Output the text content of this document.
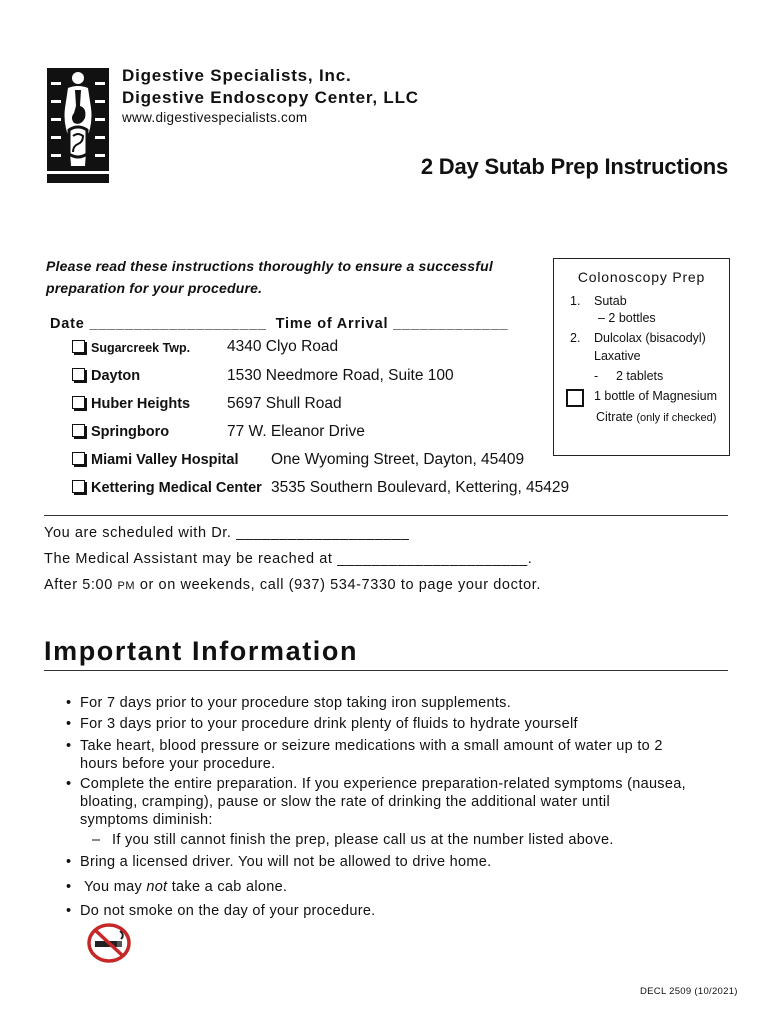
Digestive Specialists, Inc.
Digestive Endoscopy Center, LLC
www.digestivespecialists.com
2 Day Sutab Prep Instructions
Please read these instructions thoroughly to ensure a successful
preparation for your procedure.
Date ____________________ Time of Arrival _____________
Sugarcreek Twp. 4340 Clyo Road
Dayton	1530 Needmore Road, Suite 100
Huber Heights 5697 Shull Road
Springboro	77 W. Eleanor Drive
Miami Valley Hospital One Wyoming Street, Dayton, 45409
Kettering Medical Center 3535 Southern Boulevard, Kettering, 45429
Colonoscopy Prep
1. Sutab
– 2 bottles
2. Dulcolax (bisacodyl)
Laxative
- 2 tablets
1 bottle of Magnesium
Citrate (only if checked)
You are scheduled with Dr. ____________________
The Medical Assistant may be reached at ______________________.
After 5:00 PM or on weekends, call (937) 534-7330 to page your doctor.
Important Information
• For 7 days prior to your procedure stop taking iron supplements.
• For 3 days prior to your procedure drink plenty of fluids to hydrate yourself
• Take heart, blood pressure or seizure medications with a small amount of water up to 2
hours before your procedure.
• Complete the entire preparation. If you experience preparation-related symptoms (nausea,
bloating, cramping), pause or slow the rate of drinking the additional water until
symptoms diminish:
– If you still cannot finish the prep, please call us at the number listed above.
• Bring a licensed driver. You will not be allowed to drive home.
• You may not take a cab alone.
• Do not smoke on the day of your procedure.
DECL 2509 (10/2021)
